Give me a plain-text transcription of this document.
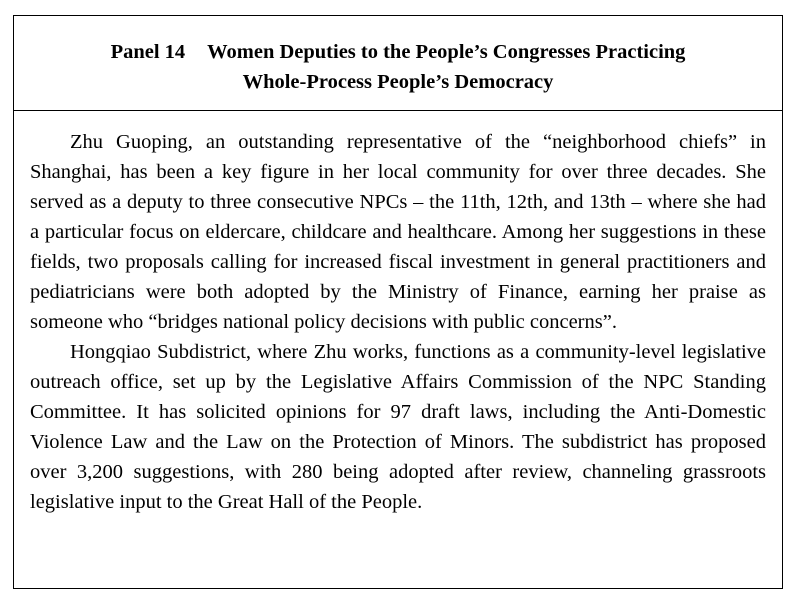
Panel 14 Women Deputies to the People’s Congresses Practicing
Whole-Process People’s Democracy

Zhu Guoping, an outstanding representative of the “neighborhood chiefs” in Shanghai, has been a key figure in her local community for over three decades. She served as a deputy to three consecutive NPCs – the 11th, 12th, and 13th – where she had a particular focus on eldercare, childcare and healthcare. Among her suggestions in these fields, two proposals calling for increased fiscal investment in general practitioners and pediatricians were both adopted by the Ministry of Finance, earning her praise as someone who “bridges national policy decisions with public concerns”.

Hongqiao Subdistrict, where Zhu works, functions as a community-level legislative outreach office, set up by the Legislative Affairs Commission of the NPC Standing Committee. It has solicited opinions for 97 draft laws, including the Anti-Domestic Violence Law and the Law on the Protection of Minors. The subdistrict has proposed over 3,200 suggestions, with 280 being adopted after review, channeling grassroots legislative input to the Great Hall of the People.
